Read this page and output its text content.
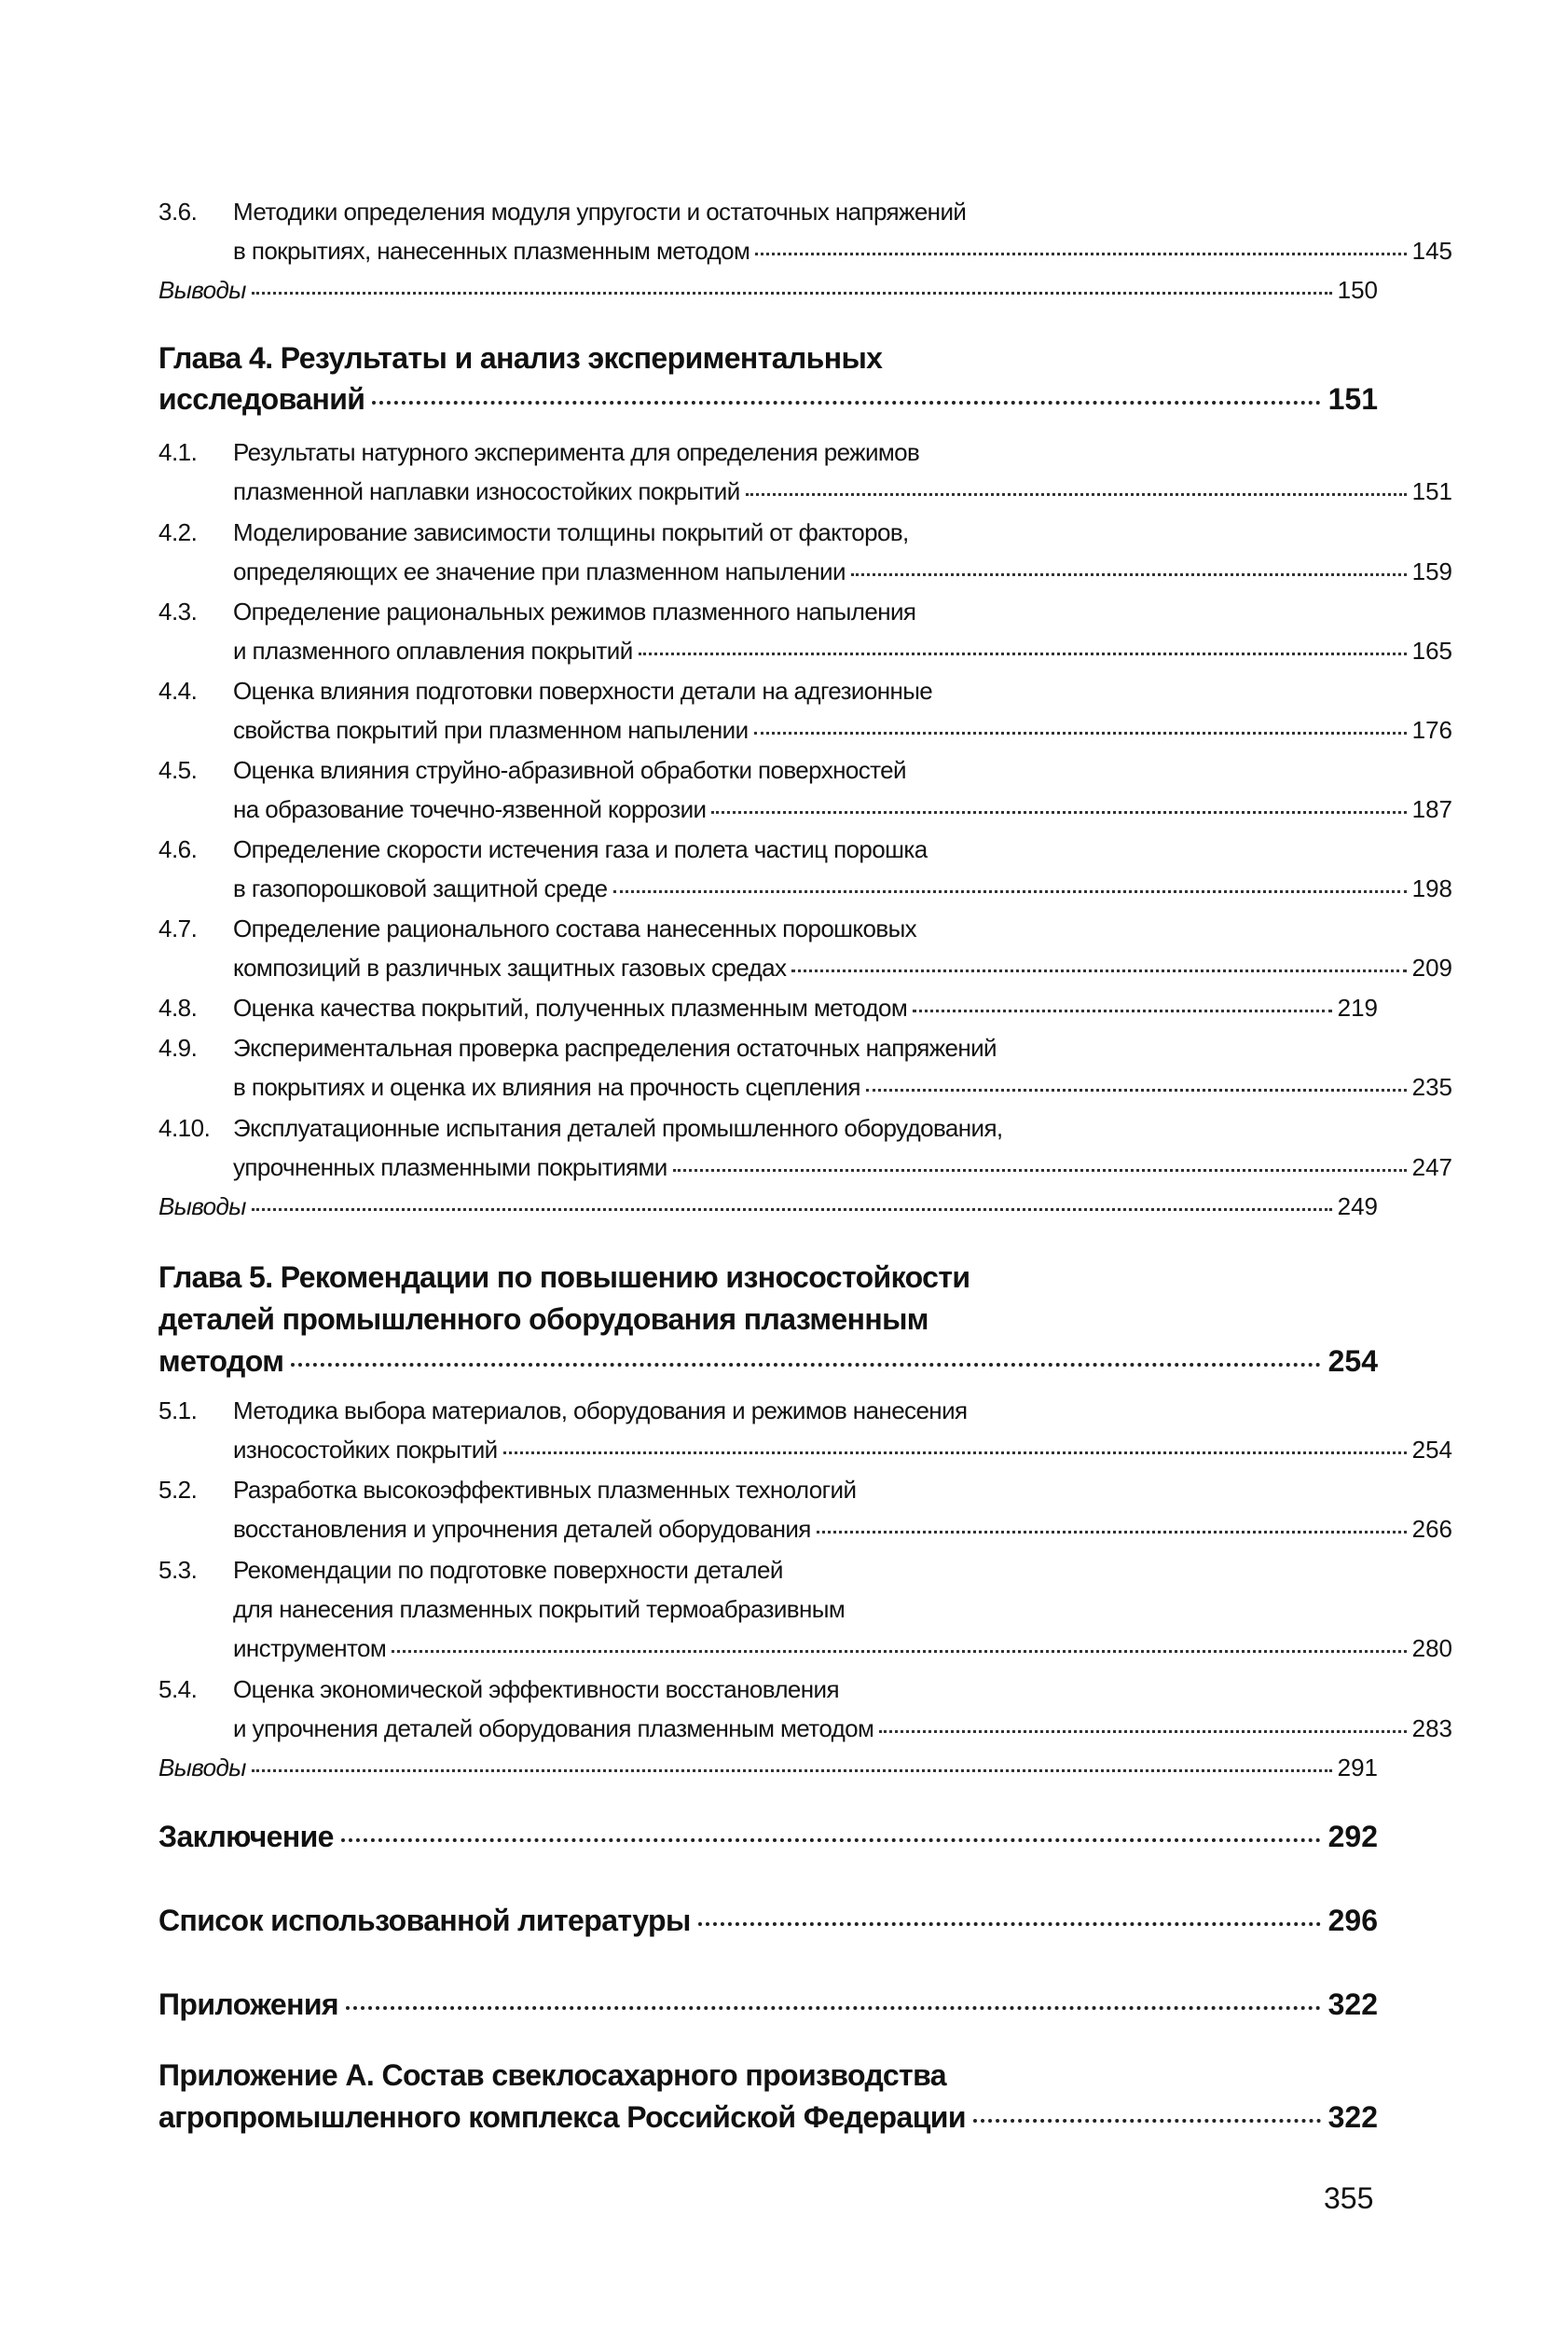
3.6.	Методики определения модуля упругости и остаточных напряжений
в покрытиях, нанесенных плазменным методом	145
Выводы	150
Глава 4. Результаты и анализ экспериментальных
исследований	151
4.1.	Результаты натурного эксперимента для определения режимов
плазменной наплавки износостойких покрытий	151
4.2.	Моделирование зависимости толщины покрытий от факторов,
определяющих ее значение при плазменном напылении	159
4.3.	Определение рациональных режимов плазменного напыления
и плазменного оплавления покрытий	165
4.4.	Оценка влияния подготовки поверхности детали на адгезионные
свойства покрытий при плазменном напылении	176
4.5.	Оценка влияния струйно-абразивной обработки поверхностей
на образование точечно-язвенной коррозии	187
4.6.	Определение скорости истечения газа и полета частиц порошка
в газопорошковой защитной среде	198
4.7.	Определение рационального состава нанесенных порошковых
композиций в различных защитных газовых средах	209
4.8.	Оценка качества покрытий, полученных плазменным методом	219
4.9.	Экспериментальная проверка распределения остаточных напряжений
в покрытиях и оценка их влияния на прочность сцепления	235
4.10. Эксплуатационные испытания деталей промышленного оборудования,
упрочненных плазменными покрытиями	247
Выводы	249
Глава 5. Рекомендации по повышению износостойкости
деталей промышленного оборудования плазменным
методом	254
5.1.	Методика выбора материалов, оборудования и режимов нанесения
износостойких покрытий	254
5.2.	Разработка высокоэффективных плазменных технологий
восстановления и упрочнения деталей оборудования	266
5.3.	Рекомендации по подготовке поверхности деталей
для нанесения плазменных покрытий термоабразивным
инструментом	280
5.4.	Оценка экономической эффективности восстановления
и упрочнения деталей оборудования плазменным методом	283
Выводы	291
Заключение	292
Список использованной литературы	296
Приложения	322
Приложение А. Состав свеклосахарного производства
агропромышленного комплекса Российской Федерации	322
355
